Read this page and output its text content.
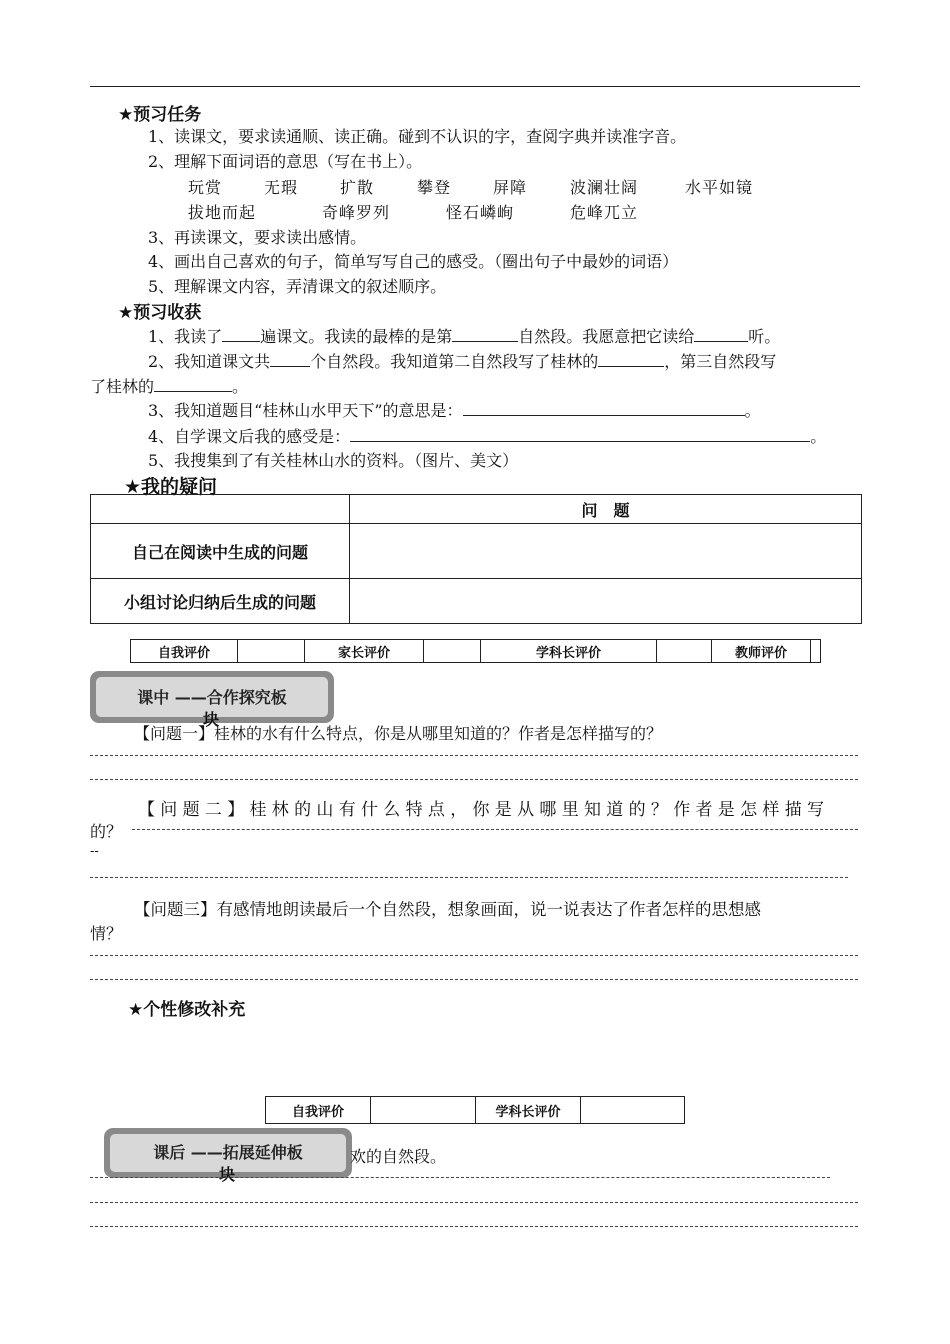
★预习任务
1、读课文，要求读通顺、读正确。碰到不认识的字，查阅字典并读准字音。
2、理解下面词语的意思（写在书上）。
玩赏	无瑕	扩散	攀登	屏障	波澜壮阔	水平如镜
拔地而起	奇峰罗列	怪石嶙峋	危峰兀立
3、再读课文，要求读出感情。
4、画出自己喜欢的句子，简单写写自己的感受。（圈出句子中最妙的词语）
5、理解课文内容，弄清课文的叙述顺序。
★预习收获
1、我读了 遍课文。我读的最棒的是第	自然段。我愿意把它读给	听。
2、我知道课文共	个自然段。我知道第二自然段写了桂林的	，第三自然段写
了桂林的	。
3、我知道题目“桂林山水甲天下”的意思是：	。
4、自学课文后我的感受是：	。
5、我搜集到了有关桂林山水的资料。（图片、美文）
★我的疑问
	问　题
自己在阅读中生成的问题	
小组讨论归纳后生成的问题	
自我评价		家长评价		学科长评价		教师评价	
【问题一】桂林的水有什么特点，你是从哪里知道的？作者是怎样描写的？
课中 ——合作探究板
块
【问题二】桂林的山有什么特点，你是从哪里知道的？作者是怎样描写
的？
--
【问题三】有感情地朗读最后一个自然段，想象画面，说一说表达了作者怎样的思想感
情？
★个性修改补充
自我评价		学科长评价	
课后 ——拓展延伸板
块
欢的自然段。
